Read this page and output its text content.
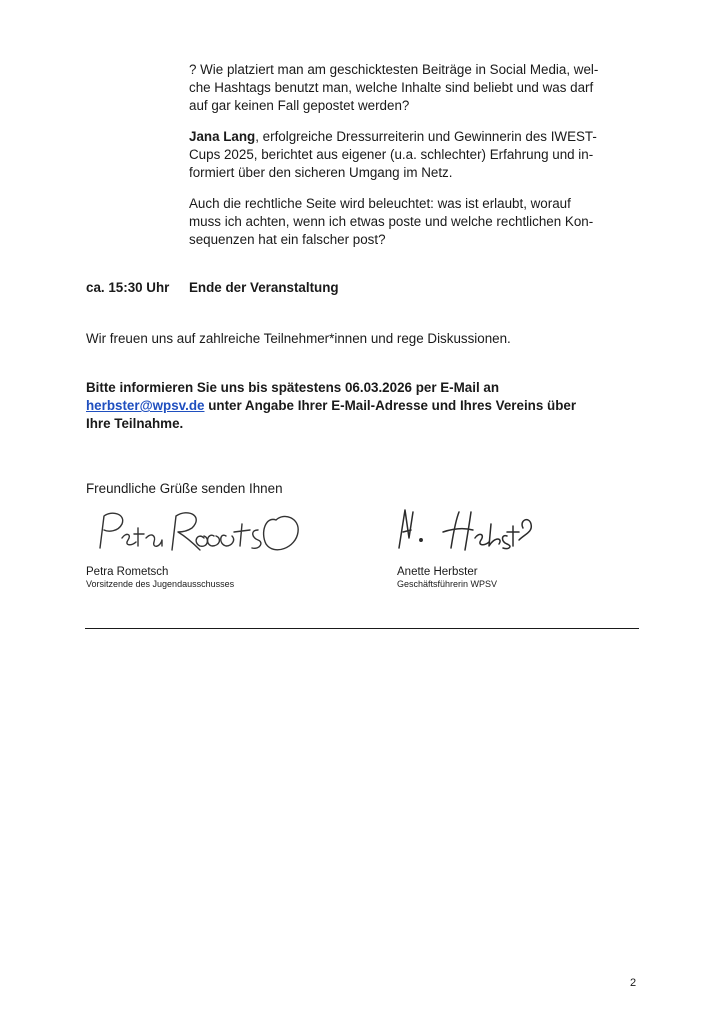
? Wie platziert man am geschicktesten Beiträge in Social Media, wel-
che Hashtags benutzt man, welche Inhalte sind beliebt und was darf
auf gar keinen Fall gepostet werden?
Jana Lang, erfolgreiche Dressurreiterin und Gewinnerin des IWEST-
Cups 2025, berichtet aus eigener (u.a. schlechter) Erfahrung und in-
formiert über den sicheren Umgang im Netz.
Auch die rechtliche Seite wird beleuchtet: was ist erlaubt, worauf
muss ich achten, wenn ich etwas poste und welche rechtlichen Kon-
sequenzen hat ein falscher post?
ca. 15:30 Uhr Ende der Veranstaltung
Wir freuen uns auf zahlreiche Teilnehmer*innen und rege Diskussionen.
Bitte informieren Sie uns bis spätestens 06.03.2026 per E-Mail an
herbster@wpsv.de unter Angabe Ihrer E-Mail-Adresse und Ihres Vereins über
Ihre Teilnahme.
Freundliche Grüße senden Ihnen
Petra Rometsch
Vorsitzende des Jugendausschusses
Anette Herbster
Geschäftsführerin WPSV
2
